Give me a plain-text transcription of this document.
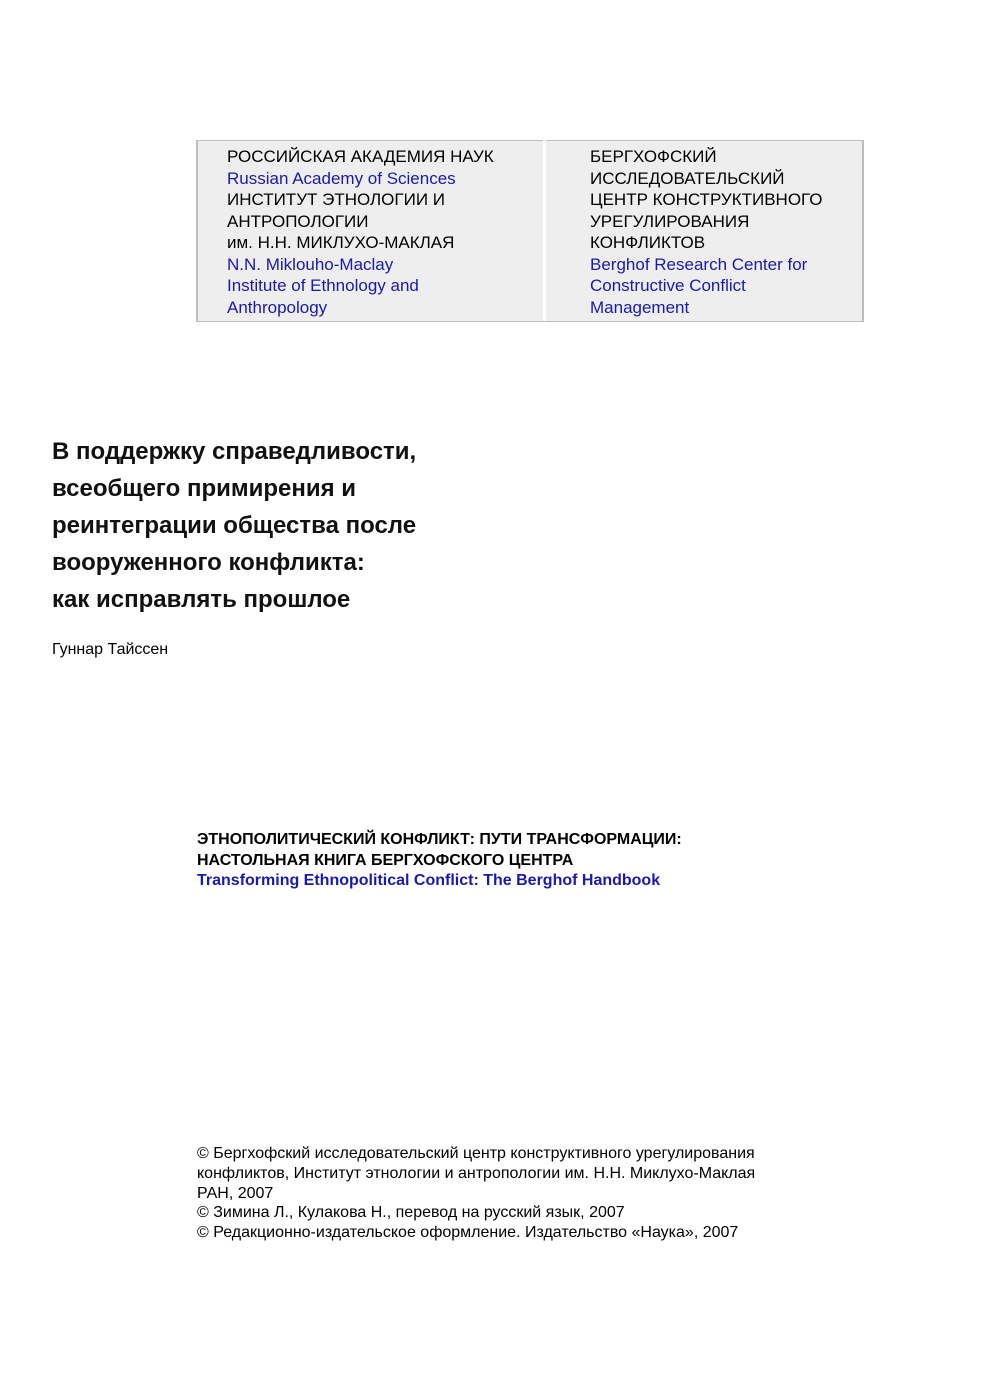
РОССИЙСКАЯ АКАДЕМИЯ НАУК
Russian Academy of Sciences
ИНСТИТУТ ЭТНОЛОГИИ И
АНТРОПОЛОГИИ
им. Н.Н. МИКЛУХО-МАКЛАЯ
N.N. Miklouho-Maclay
Institute of Ethnology and
Anthropology
БЕРГХОФСКИЙ
ИССЛЕДОВАТЕЛЬСКИЙ
ЦЕНТР КОНСТРУКТИВНОГО
УРЕГУЛИРОВАНИЯ
КОНФЛИКТОВ
Berghof Research Center for
Constructive Conflict
Management
В поддержку справедливости,
всеобщего примирения и
реинтеграции общества после
вооруженного конфликта:
как исправлять прошлое
Гуннар Тайссен
ЭТНОПОЛИТИЧЕСКИЙ КОНФЛИКТ: ПУТИ ТРАНСФОРМАЦИИ:
НАСТОЛЬНАЯ КНИГА БЕРГХОФСКОГО ЦЕНТРА
Transforming Ethnopolitical Conflict: The Berghof Handbook
© Бергхофский исследовательский центр конструктивного урегулирования
конфликтов, Институт этнологии и антропологии им. Н.Н. Миклухо-Маклая
РАН, 2007
© Зимина Л., Кулакова Н., перевод на русский язык, 2007
© Редакционно-издательское оформление. Издательство «Наука», 2007
